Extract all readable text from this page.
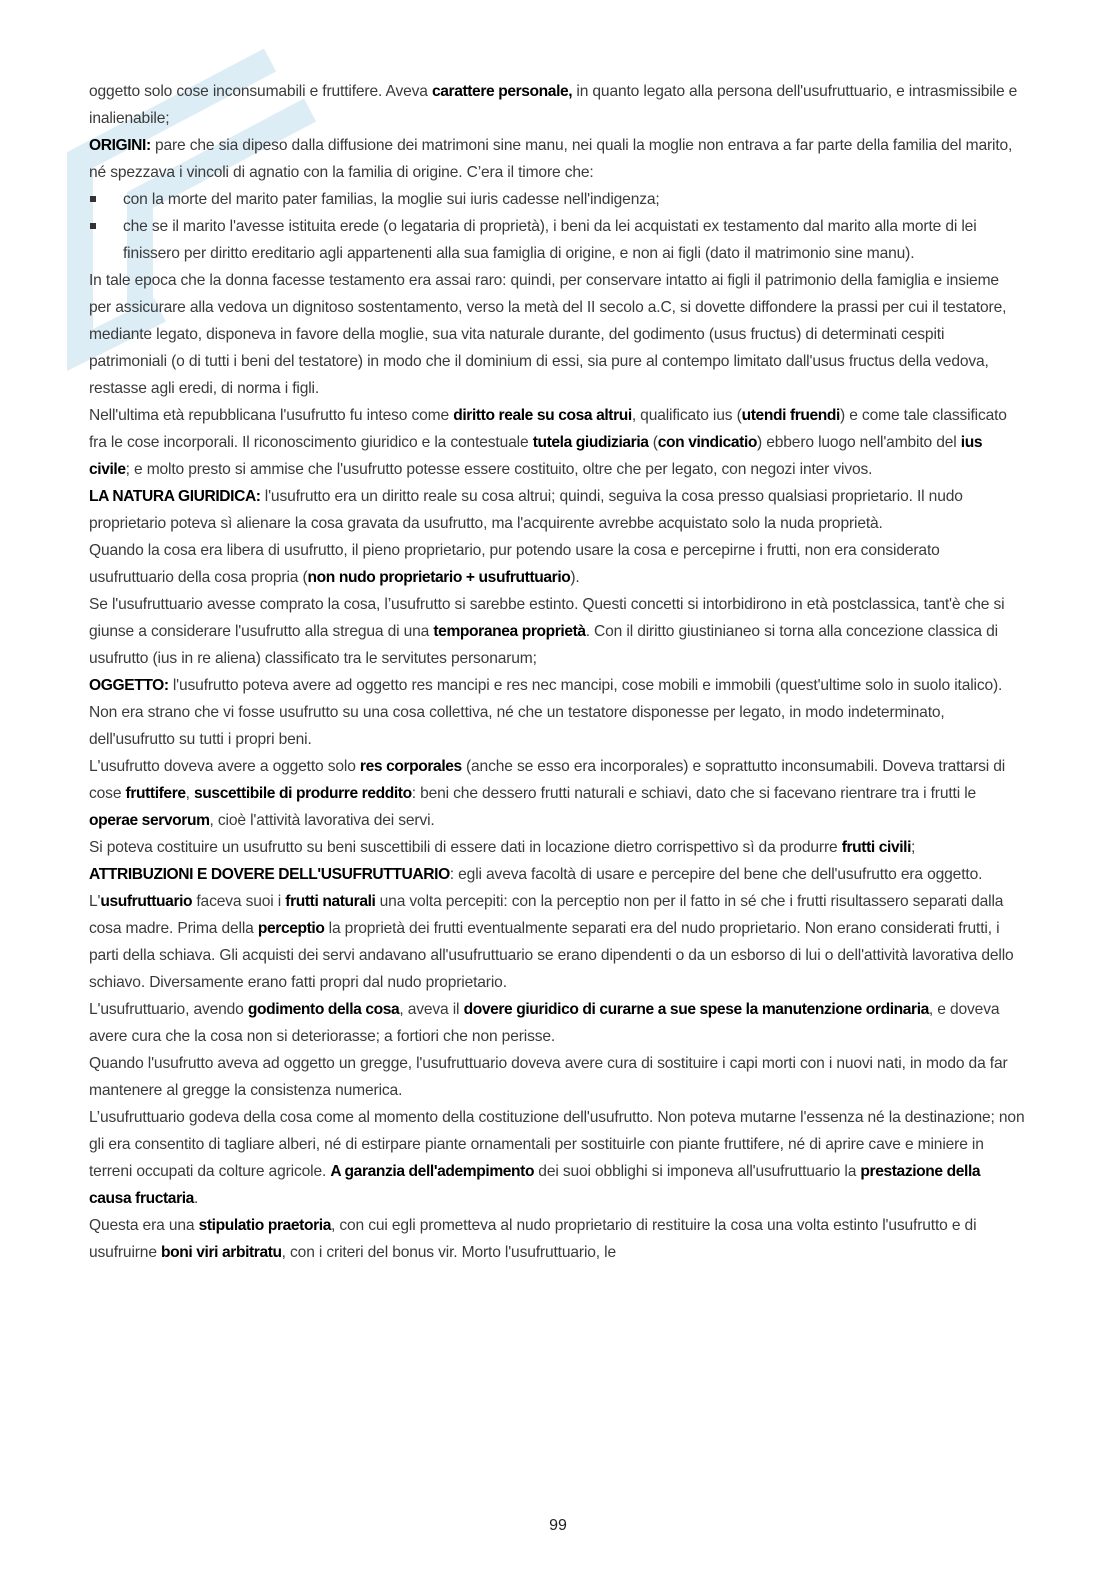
oggetto solo cose inconsumabili e fruttifere. Aveva carattere personale, in quanto legato alla persona dell'usufruttuario, e intrasmissibile e inalienabile;

ORIGINI: pare che sia dipeso dalla diffusione dei matrimoni sine manu, nei quali la moglie non entrava a far parte della familia del marito, né spezzava i vincoli di agnatio con la familia di origine. C’era il timore che:

con la morte del marito pater familias, la moglie sui iuris cadesse nell'indigenza;
che se il marito l'avesse istituita erede (o legataria di proprietà), i beni da lei acquistati ex testamento dal marito alla morte di lei finissero per diritto ereditario agli appartenenti alla sua famiglia di origine, e non ai figli (dato il matrimonio sine manu).

In tale epoca che la donna facesse testamento era assai raro: quindi, per conservare intatto ai figli il patrimonio della famiglia e insieme per assicurare alla vedova un dignitoso sostentamento, verso la metà del II secolo a.C, si dovette diffondere la prassi per cui il testatore, mediante legato, disponeva in favore della moglie, sua vita naturale durante, del godimento (usus fructus) di determinati cespiti patrimoniali (o di tutti i beni del testatore) in modo che il dominium di essi, sia pure al contempo limitato dall'usus fructus della vedova, restasse agli eredi, di norma i figli.

Nell'ultima età repubblicana l'usufrutto fu inteso come diritto reale su cosa altrui, qualificato ius (utendi fruendi) e come tale classificato fra le cose incorporali. Il riconoscimento giuridico e la contestuale tutela giudiziaria (con vindicatio) ebbero luogo nell'ambito del ius civile; e molto presto si ammise che l'usufrutto potesse essere costituito, oltre che per legato, con negozi inter vivos.

LA NATURA GIURIDICA: l'usufrutto era un diritto reale su cosa altrui; quindi, seguiva la cosa presso qualsiasi proprietario. Il nudo proprietario poteva sì alienare la cosa gravata da usufrutto, ma l'acquirente avrebbe acquistato solo la nuda proprietà.

Quando la cosa era libera di usufrutto, il pieno proprietario, pur potendo usare la cosa e percepirne i frutti, non era considerato usufruttuario della cosa propria (non nudo proprietario + usufruttuario).

Se l'usufruttuario avesse comprato la cosa, l’usufrutto si sarebbe estinto. Questi concetti si intorbidirono in età postclassica, tant'è che si giunse a considerare l'usufrutto alla stregua di una temporanea proprietà. Con il diritto giustinianeo si torna alla concezione classica di usufrutto (ius in re aliena) classificato tra le servitutes personarum;

OGGETTO: l'usufrutto poteva avere ad oggetto res mancipi e res nec mancipi, cose mobili e immobili (quest'ultime solo in suolo italico). Non era strano che vi fosse usufrutto su una cosa collettiva, né che un testatore disponesse per legato, in modo indeterminato, dell'usufrutto su tutti i propri beni.

L'usufrutto doveva avere a oggetto solo res corporales (anche se esso era incorporales) e soprattutto inconsumabili. Doveva trattarsi di cose fruttifere, suscettibile di produrre reddito: beni che dessero frutti naturali e schiavi, dato che si facevano rientrare tra i frutti le operae servorum, cioè l'attività lavorativa dei servi.

Si poteva costituire un usufrutto su beni suscettibili di essere dati in locazione dietro corrispettivo sì da produrre frutti civili;

ATTRIBUZIONI E DOVERE DELL'USUFRUTTUARIO: egli aveva facoltà di usare e percepire del bene che dell'usufrutto era oggetto. L'usufruttuario faceva suoi i frutti naturali una volta percepiti: con la perceptio non per il fatto in sé che i frutti risultassero separati dalla cosa madre. Prima della perceptio la proprietà dei frutti eventualmente separati era del nudo proprietario. Non erano considerati frutti, i parti della schiava. Gli acquisti dei servi andavano all'usufruttuario se erano dipendenti o da un esborso di lui o dell'attività lavorativa dello schiavo. Diversamente erano fatti propri dal nudo proprietario.

L'usufruttuario, avendo godimento della cosa, aveva il dovere giuridico di curarne a sue spese la manutenzione ordinaria, e doveva avere cura che la cosa non si deteriorasse; a fortiori che non perisse.

Quando l'usufrutto aveva ad oggetto un gregge, l'usufruttuario doveva avere cura di sostituire i capi morti con i nuovi nati, in modo da far mantenere al gregge la consistenza numerica.

L’usufruttuario godeva della cosa come al momento della costituzione dell'usufrutto. Non poteva mutarne l'essenza né la destinazione; non gli era consentito di tagliare alberi, né di estirpare piante ornamentali per sostituirle con piante fruttifere, né di aprire cave e miniere in terreni occupati da colture agricole. A garanzia dell'adempimento dei suoi obblighi si imponeva all'usufruttuario la prestazione della causa fructaria.

Questa era una stipulatio praetoria, con cui egli prometteva al nudo proprietario di restituire la cosa una volta estinto l'usufrutto e di usufruirne boni viri arbitratu, con i criteri del bonus vir. Morto l'usufruttuario, le

99
